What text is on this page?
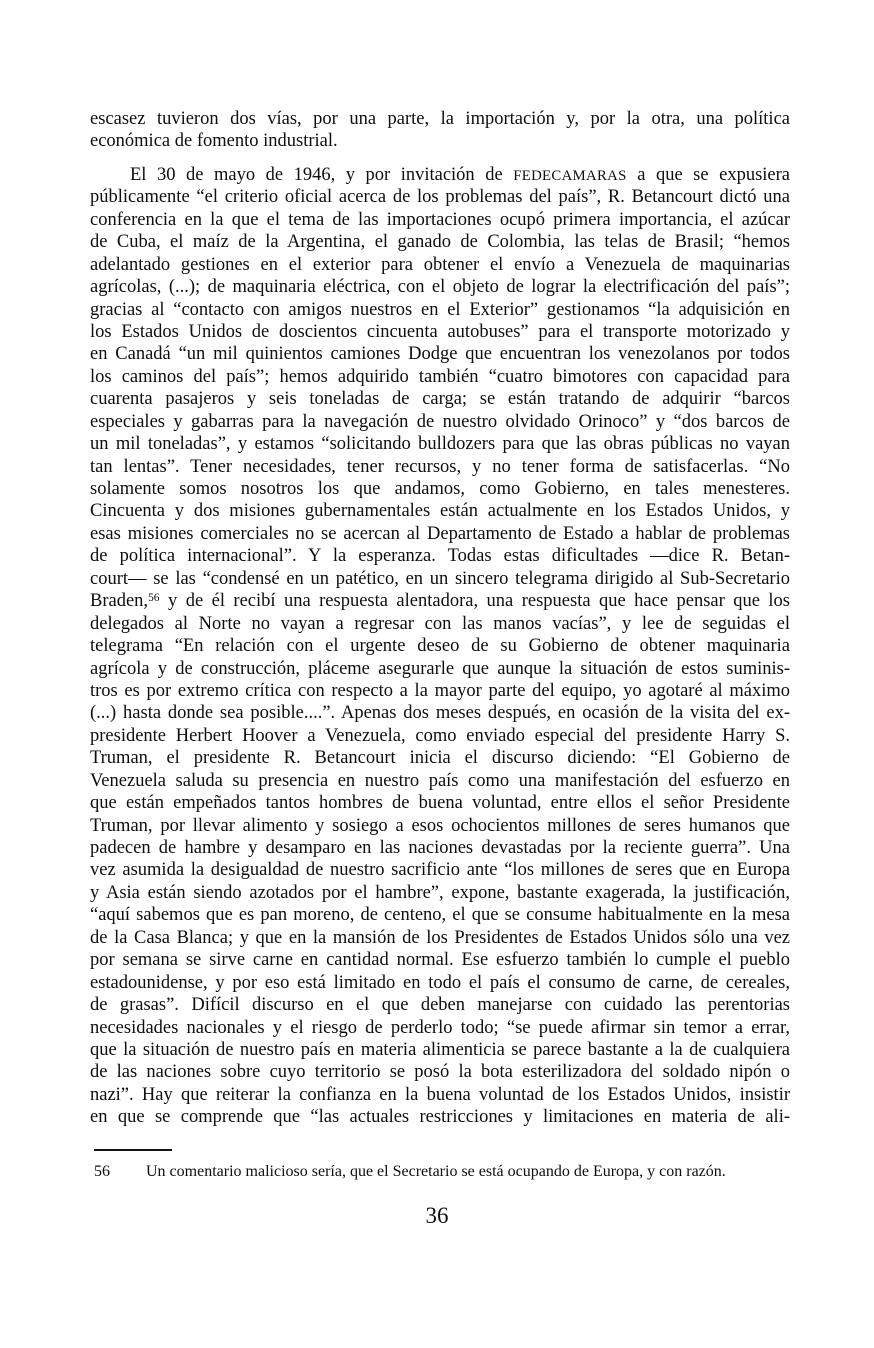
escasez tuvieron dos vías, por una parte, la importación y, por la otra, una política
económica de fomento industrial.
El 30 de mayo de 1946, y por invitación de FEDECAMARAS a que se expusiera
públicamente “el criterio oficial acerca de los problemas del país”, R. Betancourt dictó una
conferencia en la que el tema de las importaciones ocupó primera importancia, el azúcar
de Cuba, el maíz de la Argentina, el ganado de Colombia, las telas de Brasil; “hemos
adelantado gestiones en el exterior para obtener el envío a Venezuela de maquinarias
agrícolas, (...); de maquinaria eléctrica, con el objeto de lograr la electrificación del país”;
gracias al “contacto con amigos nuestros en el Exterior” gestionamos “la adquisición en
los Estados Unidos de doscientos cincuenta autobuses” para el transporte motorizado y
en Canadá “un mil quinientos camiones Dodge que encuentran los venezolanos por todos
los caminos del país”; hemos adquirido también “cuatro bimotores con capacidad para
cuarenta pasajeros y seis toneladas de carga; se están tratando de adquirir “barcos
especiales y gabarras para la navegación de nuestro olvidado Orinoco” y “dos barcos de
un mil toneladas”, y estamos “solicitando bulldozers para que las obras públicas no vayan
tan lentas”. Tener necesidades, tener recursos, y no tener forma de satisfacerlas. “No
solamente somos nosotros los que andamos, como Gobierno, en tales menesteres.
Cincuenta y dos misiones gubernamentales están actualmente en los Estados Unidos, y
esas misiones comerciales no se acercan al Departamento de Estado a hablar de problemas
de política internacional”. Y la esperanza. Todas estas dificultades —dice R. Betan-
court— se las “condensé en un patético, en un sincero telegrama dirigido al Sub-Secretario
Braden,$^{56}$ y de él recibí una respuesta alentadora, una respuesta que hace pensar que los
delegados al Norte no vayan a regresar con las manos vacías”, y lee de seguidas el
telegrama “En relación con el urgente deseo de su Gobierno de obtener maquinaria
agrícola y de construcción, pláceme asegurarle que aunque la situación de estos suminis-
tros es por extremo crítica con respecto a la mayor parte del equipo, yo agotaré al máximo
(...) hasta donde sea posible....”. Apenas dos meses después, en ocasión de la visita del ex-
presidente Herbert Hoover a Venezuela, como enviado especial del presidente Harry S.
Truman, el presidente R. Betancourt inicia el discurso diciendo: “El Gobierno de
Venezuela saluda su presencia en nuestro país como una manifestación del esfuerzo en
que están empeñados tantos hombres de buena voluntad, entre ellos el señor Presidente
Truman, por llevar alimento y sosiego a esos ochocientos millones de seres humanos que
padecen de hambre y desamparo en las naciones devastadas por la reciente guerra”. Una
vez asumida la desigualdad de nuestro sacrificio ante “los millones de seres que en Europa
y Asia están siendo azotados por el hambre”, expone, bastante exagerada, la justificación,
“aquí sabemos que es pan moreno, de centeno, el que se consume habitualmente en la mesa
de la Casa Blanca; y que en la mansión de los Presidentes de Estados Unidos sólo una vez
por semana se sirve carne en cantidad normal. Ese esfuerzo también lo cumple el pueblo
estadounidense, y por eso está limitado en todo el país el consumo de carne, de cereales,
de grasas”. Difícil discurso en el que deben manejarse con cuidado las perentorias
necesidades nacionales y el riesgo de perderlo todo; “se puede afirmar sin temor a errar,
que la situación de nuestro país en materia alimenticia se parece bastante a la de cualquiera
de las naciones sobre cuyo territorio se posó la bota esterilizadora del soldado nipón o
nazi”. Hay que reiterar la confianza en la buena voluntad de los Estados Unidos, insistir
en que se comprende que “las actuales restricciones y limitaciones en materia de ali-
56	Un comentario malicioso sería, que el Secretario se está ocupando de Europa, y con razón.
36
